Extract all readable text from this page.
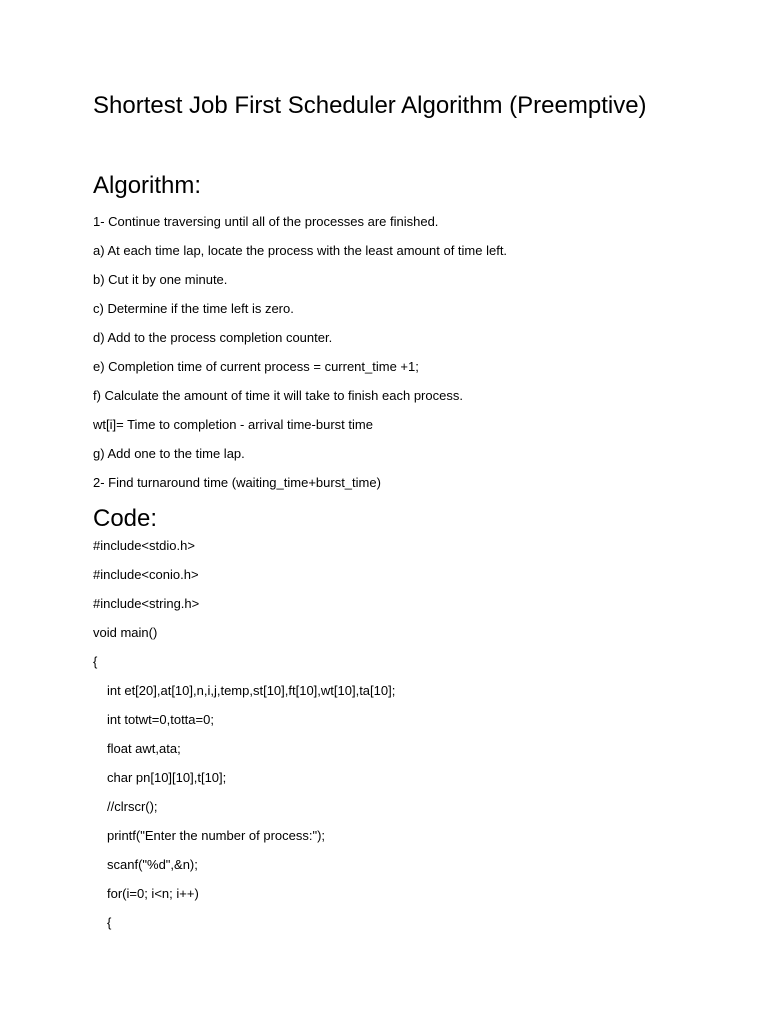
Shortest Job First Scheduler Algorithm (Preemptive)
Algorithm:

1- Continue traversing until all of the processes are finished.

a) At each time lap, locate the process with the least amount of time left.

b) Cut it by one minute.

c) Determine if the time left is zero.

d) Add to the process completion counter.

e) Completion time of current process = current_time +1;

f) Calculate the amount of time it will take to finish each process.

wt[i]= Time to completion - arrival time-burst time

g) Add one to the time lap.

2- Find turnaround time (waiting_time+burst_time)

Code:

#include<stdio.h>

#include<conio.h>

#include<string.h>

void main()

{

int et[20],at[10],n,i,j,temp,st[10],ft[10],wt[10],ta[10];

int totwt=0,totta=0;

float awt,ata;

char pn[10][10],t[10];

//clrscr();

printf("Enter the number of process:");

scanf("%d",&n);

for(i=0; i<n; i++)

{
